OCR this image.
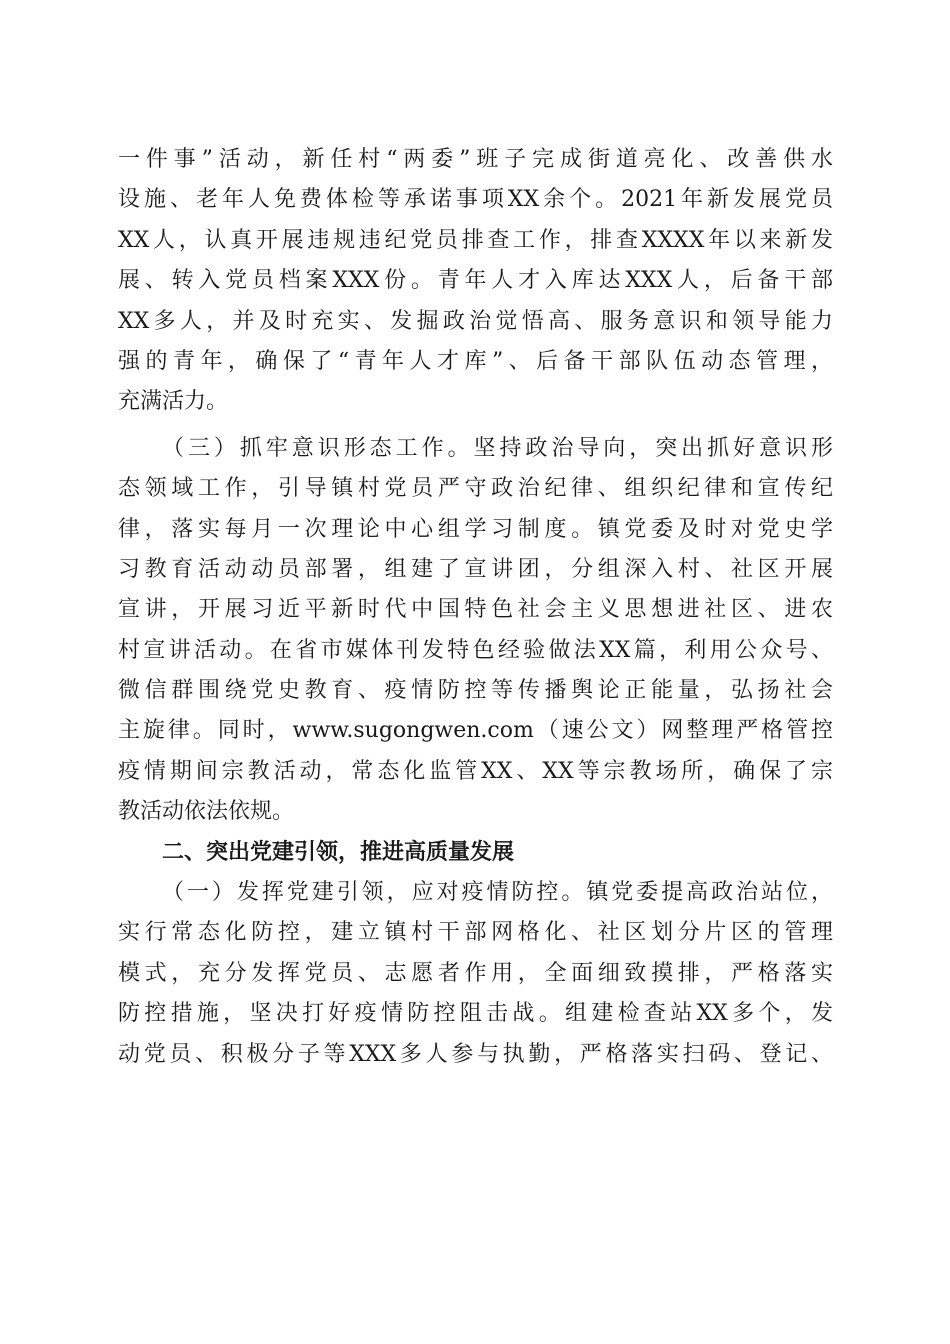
一件事”活动，新任村“两委”班子完成街道亮化、改善供水
设施、老年人免费体检等承诺事项XX余个。2021年新发展党员
XX人，认真开展违规违纪党员排查工作，排查XXXX年以来新发
展、转入党员档案XXX份。青年人才入库达XXX人，后备干部
XX多人，并及时充实、发掘政治觉悟高、服务意识和领导能力
强的青年，确保了“青年人才库”、后备干部队伍动态管理，
充满活力。
（三）抓牢意识形态工作。坚持政治导向，突出抓好意识形
态领域工作，引导镇村党员严守政治纪律、组织纪律和宣传纪
律，落实每月一次理论中心组学习制度。镇党委及时对党史学
习教育活动动员部署，组建了宣讲团，分组深入村、社区开展
宣讲，开展习近平新时代中国特色社会主义思想进社区、进农
村宣讲活动。在省市媒体刊发特色经验做法XX篇，利用公众号、
微信群围绕党史教育、疫情防控等传播舆论正能量，弘扬社会
主旋律。同时，www.sugongwen.com（速公文）网整理严格管控
疫情期间宗教活动，常态化监管XX、XX等宗教场所，确保了宗
教活动依法依规。
二、突出党建引领，推进高质量发展
（一）发挥党建引领，应对疫情防控。镇党委提高政治站位，
实行常态化防控，建立镇村干部网格化、社区划分片区的管理
模式，充分发挥党员、志愿者作用，全面细致摸排，严格落实
防控措施，坚决打好疫情防控阻击战。组建检查站XX多个，发
动党员、积极分子等XXX多人参与执勤，严格落实扫码、登记、
